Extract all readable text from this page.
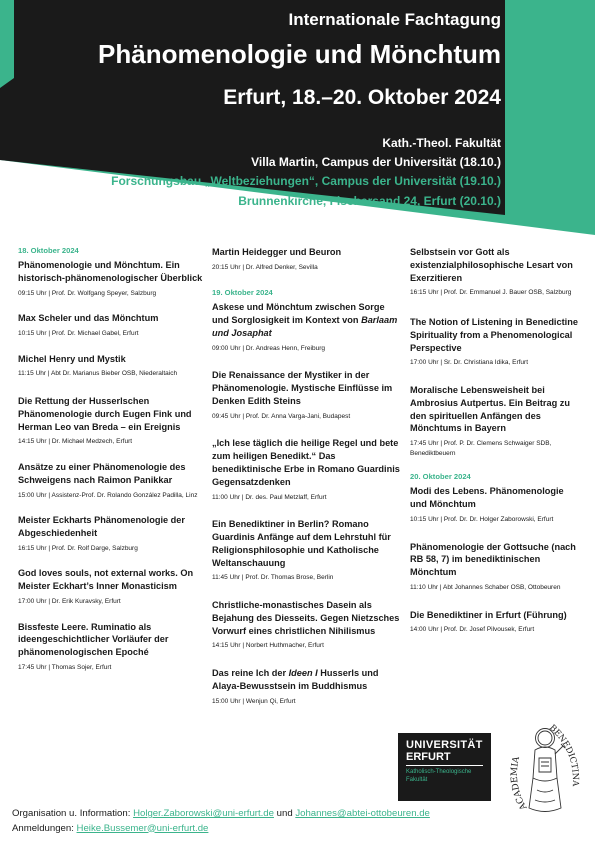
Internationale Fachtagung
Phänomenologie und Mönchtum
Erfurt, 18.–20. Oktober 2024
Kath.-Theol. Fakultät
Villa Martin, Campus der Universität (18.10.)
Forschungsbau „Weltbeziehungen“, Campus der Universität (19.10.)
Brunnenkirche, Fischersand 24, Erfurt (20.10.)
18. Oktober 2024
Phänomenologie und Mönchtum. Ein historisch-phänomenologischer Überblick
09:15 Uhr | Prof. Dr. Wolfgang Speyer, Salzburg
Max Scheler und das Mönchtum
10:15 Uhr | Prof. Dr. Michael Gabel, Erfurt
Michel Henry und Mystik
11:15 Uhr | Abt Dr. Marianus Bieber OSB, Niederaltaich
Die Rettung der Husserlschen Phänomenologie durch Eugen Fink und Herman Leo van Breda – ein Ereignis
14:15 Uhr | Dr. Michael Medzech, Erfurt
Ansätze zu einer Phänomenologie des Schweigens nach Raimon Panikkar
15:00 Uhr | Assistenz-Prof. Dr. Rolando González Padilla, Linz
Meister Eckharts Phänomenologie der Abgeschiedenheit
16:15 Uhr | Prof. Dr. Rolf Darge, Salzburg
God loves souls, not external works. On Meister Eckhart’s Inner Monasticism
17:00 Uhr | Dr. Erik Kuravsky, Erfurt
Bissfeste Leere. Ruminatio als ideengeschichtlicher Vorläufer der phänomenologischen Epoché
17:45 Uhr | Thomas Sojer, Erfurt
Martin Heidegger und Beuron
20:15 Uhr | Dr. Alfred Denker, Sevilla
19. Oktober 2024
Askese und Mönchtum zwischen Sorge und Sorglosigkeit im Kontext von Barlaam und Josaphat
09:00 Uhr | Dr. Andreas Henn, Freiburg
Die Renaissance der Mystiker in der Phänomenologie. Mystische Einflüsse im Denken Edith Steins
09:45 Uhr | Prof. Dr. Anna Varga-Jani, Budapest
„Ich lese täglich die heilige Regel und bete zum heiligen Benedikt.“ Das benediktinische Erbe in Romano Guardinis Gegensatzdenken
11:00 Uhr | Dr. des. Paul Metzlaff, Erfurt
Ein Benediktiner in Berlin? Romano Guardinis Anfänge auf dem Lehrstuhl für Religionsphilosophie und Katholische Weltanschauung
11:45 Uhr | Prof. Dr. Thomas Brose, Berlin
Christliche-monastisches Dasein als Bejahung des Diesseits. Gegen Nietzsches Vorwurf eines christlichen Nihilismus
14:15 Uhr | Norbert Huthmacher, Erfurt
Das reine Ich der Ideen I Husserls und Alaya-Bewusstsein im Buddhismus
15:00 Uhr | Wenjun Qi, Erfurt
Selbstsein vor Gott als existenzialphilosophische Lesart von Exerzitieren
16:15 Uhr | Prof. Dr. Emmanuel J. Bauer OSB, Salzburg
The Notion of Listening in Benedictine Spirituality from a Phenomenological Perspective
17:00 Uhr | Sr. Dr. Christiana Idika, Erfurt
Moralische Lebensweisheit bei Ambrosius Autpertus. Ein Beitrag zu den spirituellen Anfängen des Mönchtums in Bayern
17:45 Uhr | Prof. P. Dr. Clemens Schwaiger SDB, Benediktbeuern
20. Oktober 2024
Modi des Lebens. Phänomenologie und Mönchtum
10:15 Uhr | Prof. Dr. Dr. Holger Zaborowski, Erfurt
Phänomenologie der Gottsuche (nach RB 58, 7) im benediktinischen Mönchtum
11:10 Uhr | Abt Johannes Schaber OSB, Ottobeuren
Die Benediktiner in Erfurt (Führung)
14:00 Uhr | Prof. Dr. Josef Pilvousek, Erfurt
UNIVERSITÄT
ERFURT
Katholisch-Theologische Fakultät
ACADEMIA
BENEDICTINA
Organisation u. Information: Holger.Zaborowski@uni-erfurt.de und Johannes@abtei-ottobeuren.de
Anmeldungen: Heike.Bussemer@uni-erfurt.de
